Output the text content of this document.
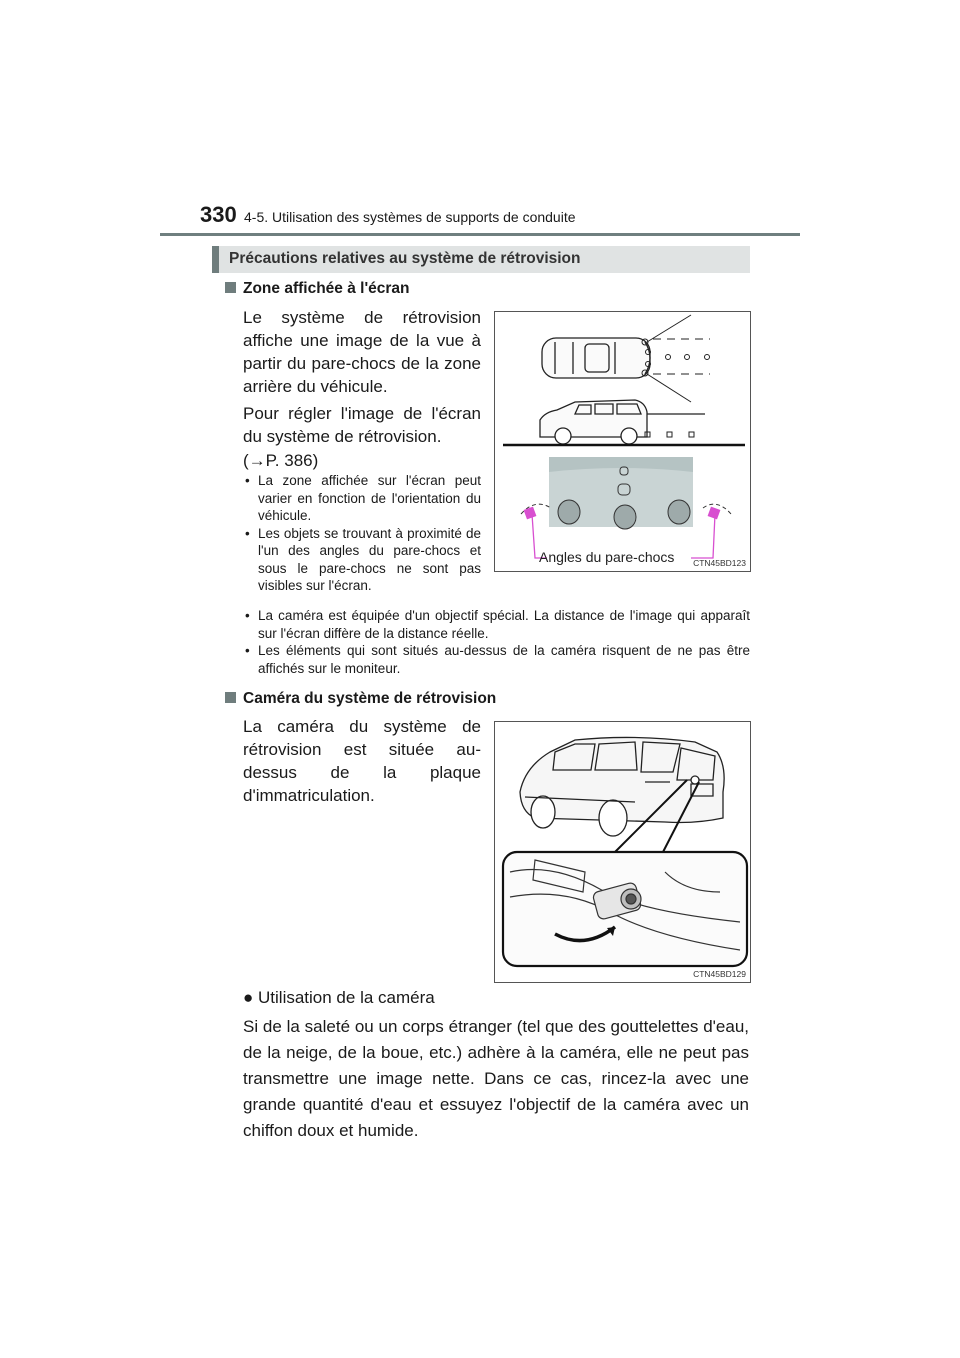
330 4-5. Utilisation des systèmes de supports de conduite
Précautions relatives au système de rétrovision
Zone affichée à l'écran
Le système de rétrovision affiche une image de la vue à partir du pare-chocs de la zone arrière du véhicule.
Pour régler l'image de l'écran du système de rétrovision.
(→P. 386)
• La zone affichée sur l'écran peut varier en fonction de l'orientation du véhicule.
• Les objets se trouvant à proximité de l'un des angles du pare-chocs et sous le pare-chocs ne sont pas visibles sur l'écran.
• La caméra est équipée d'un objectif spécial. La distance de l'image qui apparaît sur l'écran diffère de la distance réelle.
• Les éléments qui sont situés au-dessus de la caméra risquent de ne pas être affichés sur le moniteur.
Angles du pare-chocs CTN45BD123
Caméra du système de rétrovision
La caméra du système de rétrovision est située au-dessus de la plaque d'immatriculation.
CTN45BD129
● Utilisation de la caméra
Si de la saleté ou un corps étranger (tel que des gouttelettes d'eau, de la neige, de la boue, etc.) adhère à la caméra, elle ne peut pas transmettre une image nette. Dans ce cas, rincez-la avec une grande quantité d'eau et essuyez l'objectif de la caméra avec un chiffon doux et humide.
